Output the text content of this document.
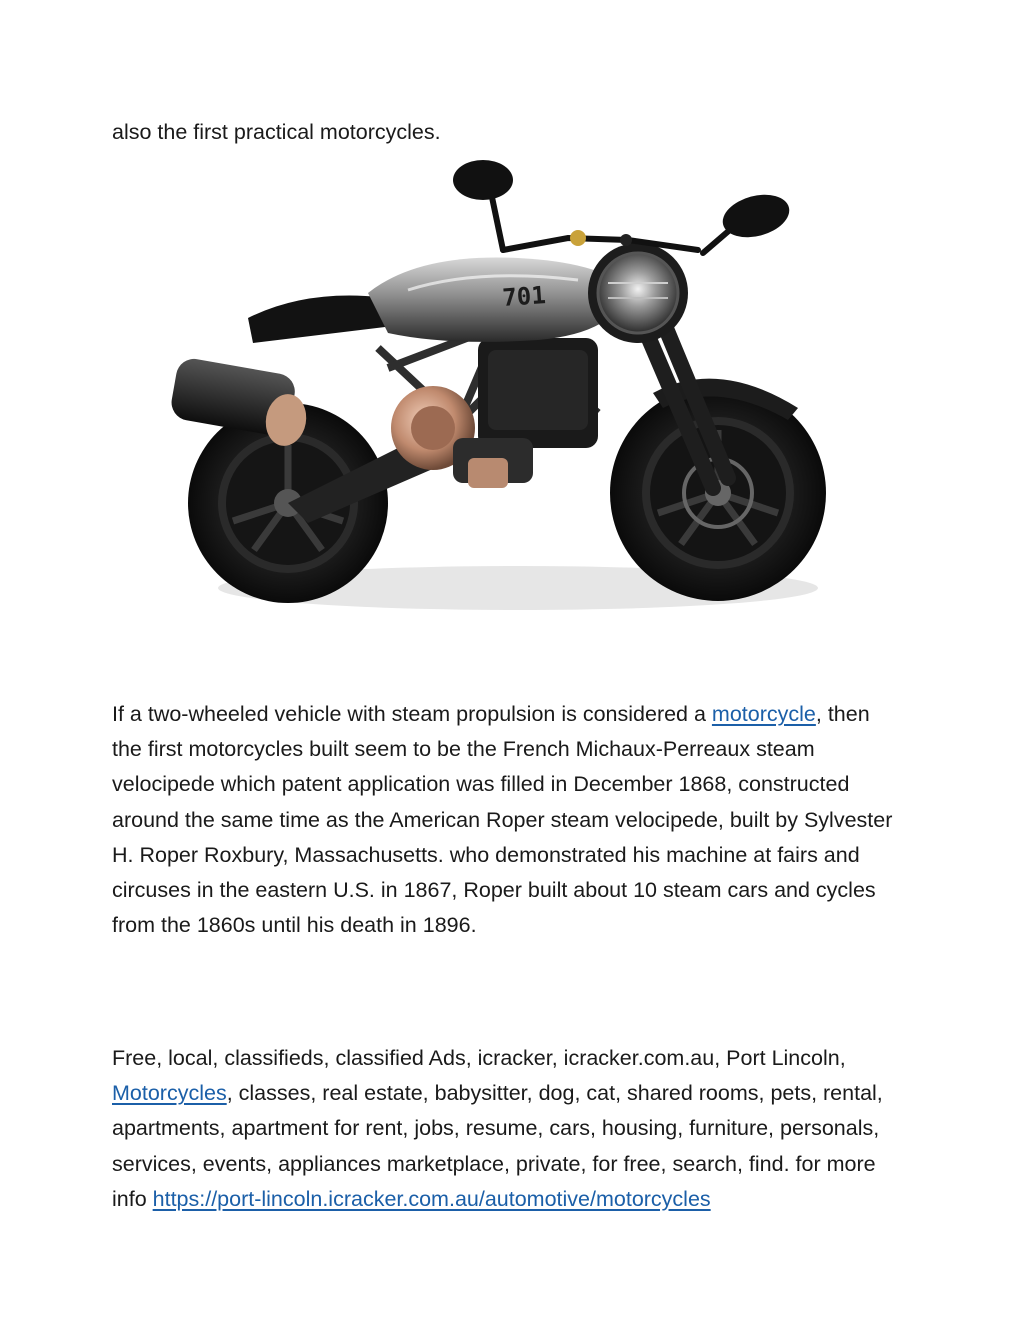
also the first practical motorcycles.

701

If a two-wheeled vehicle with steam propulsion is considered a motorcycle, then the first motorcycles built seem to be the French Michaux-Perreaux steam velocipede which patent application was filled in December 1868, constructed around the same time as the American Roper steam velocipede, built by Sylvester H. Roper Roxbury, Massachusetts. who demonstrated his machine at fairs and circuses in the eastern U.S. in 1867, Roper built about 10 steam cars and cycles from the 1860s until his death in 1896.

Free, local, classifieds, classified Ads, icracker, icracker.com.au, Port Lincoln, Motorcycles, classes, real estate, babysitter, dog, cat, shared rooms, pets, rental, apartments, apartment for rent, jobs, resume, cars, housing, furniture, personals, services, events, appliances marketplace, private, for free, search, find. for more info https://port-lincoln.icracker.com.au/automotive/motorcycles
